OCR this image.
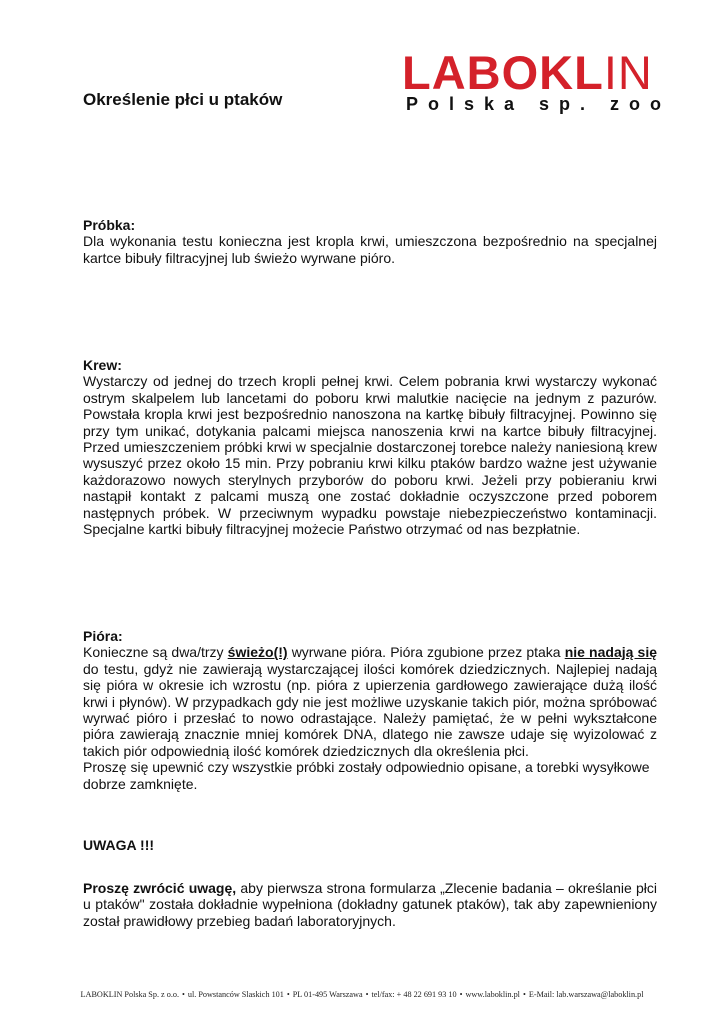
Określenie płci u ptaków
LABOKLIN
Polska sp. zoo
Próbka:

Dla wykonania testu konieczna jest kropla krwi, umieszczona bezpośrednio na specjalnej kartce bibuły filtracyjnej lub świeżo wyrwane pióro.

Krew:

Wystarczy od jednej do trzech kropli pełnej krwi. Celem pobrania krwi wystarczy wykonać ostrym skalpelem lub lancetami do poboru krwi malutkie nacięcie na jednym z pazurów. Powstała kropla krwi jest bezpośrednio nanoszona na kartkę bibuły filtracyjnej. Powinno się przy tym unikać, dotykania palcami miejsca nanoszenia krwi na kartce bibuły filtracyjnej. Przed umieszczeniem próbki krwi w specjalnie dostarczonej torebce należy naniesioną krew wysuszyć przez około 15 min. Przy pobraniu krwi kilku ptaków bardzo ważne jest używanie każdorazowo nowych sterylnych przyborów do poboru krwi. Jeżeli przy pobieraniu krwi nastąpił kontakt z palcami muszą one zostać dokładnie oczyszczone przed poborem następnych próbek. W przeciwnym wypadku powstaje niebezpieczeństwo kontaminacji. Specjalne kartki bibuły filtracyjnej możecie Państwo otrzymać od nas bezpłatnie.

Pióra:

Konieczne są dwa/trzy świeżo(!) wyrwane pióra. Pióra zgubione przez ptaka nie nadają się do testu, gdyż nie zawierają wystarczającej ilości komórek dziedzicznych. Najlepiej nadają się pióra w okresie ich wzrostu (np. pióra z upierzenia gardłowego zawierające dużą ilość krwi i płynów). W przypadkach gdy nie jest możliwe uzyskanie takich piór, można spróbować wyrwać pióro i przesłać to nowo odrastające. Należy pamiętać, że w pełni wykształcone pióra zawierają znacznie mniej komórek DNA, dlatego nie zawsze udaje się wyizolować z takich piór odpowiednią ilość komórek dziedzicznych dla określenia płci.

Proszę się upewnić czy wszystkie próbki zostały odpowiednio opisane, a torebki wysyłkowe dobrze zamknięte.

UWAGA !!!

Proszę zwrócić uwagę, aby pierwsza strona formularza „Zlecenie badania – określanie płci u ptaków" została dokładnie wypełniona (dokładny gatunek ptaków), tak aby zapewnieniony został prawidłowy przebieg badań laboratoryjnych.

LABOKLIN Polska Sp. z o.o. • ul. Powstanców Slaskich 101 • PL 01-495 Warszawa • tel/fax: + 48 22 691 93 10 • www.laboklin.pl • E-Mail: lab.warszawa@laboklin.pl
